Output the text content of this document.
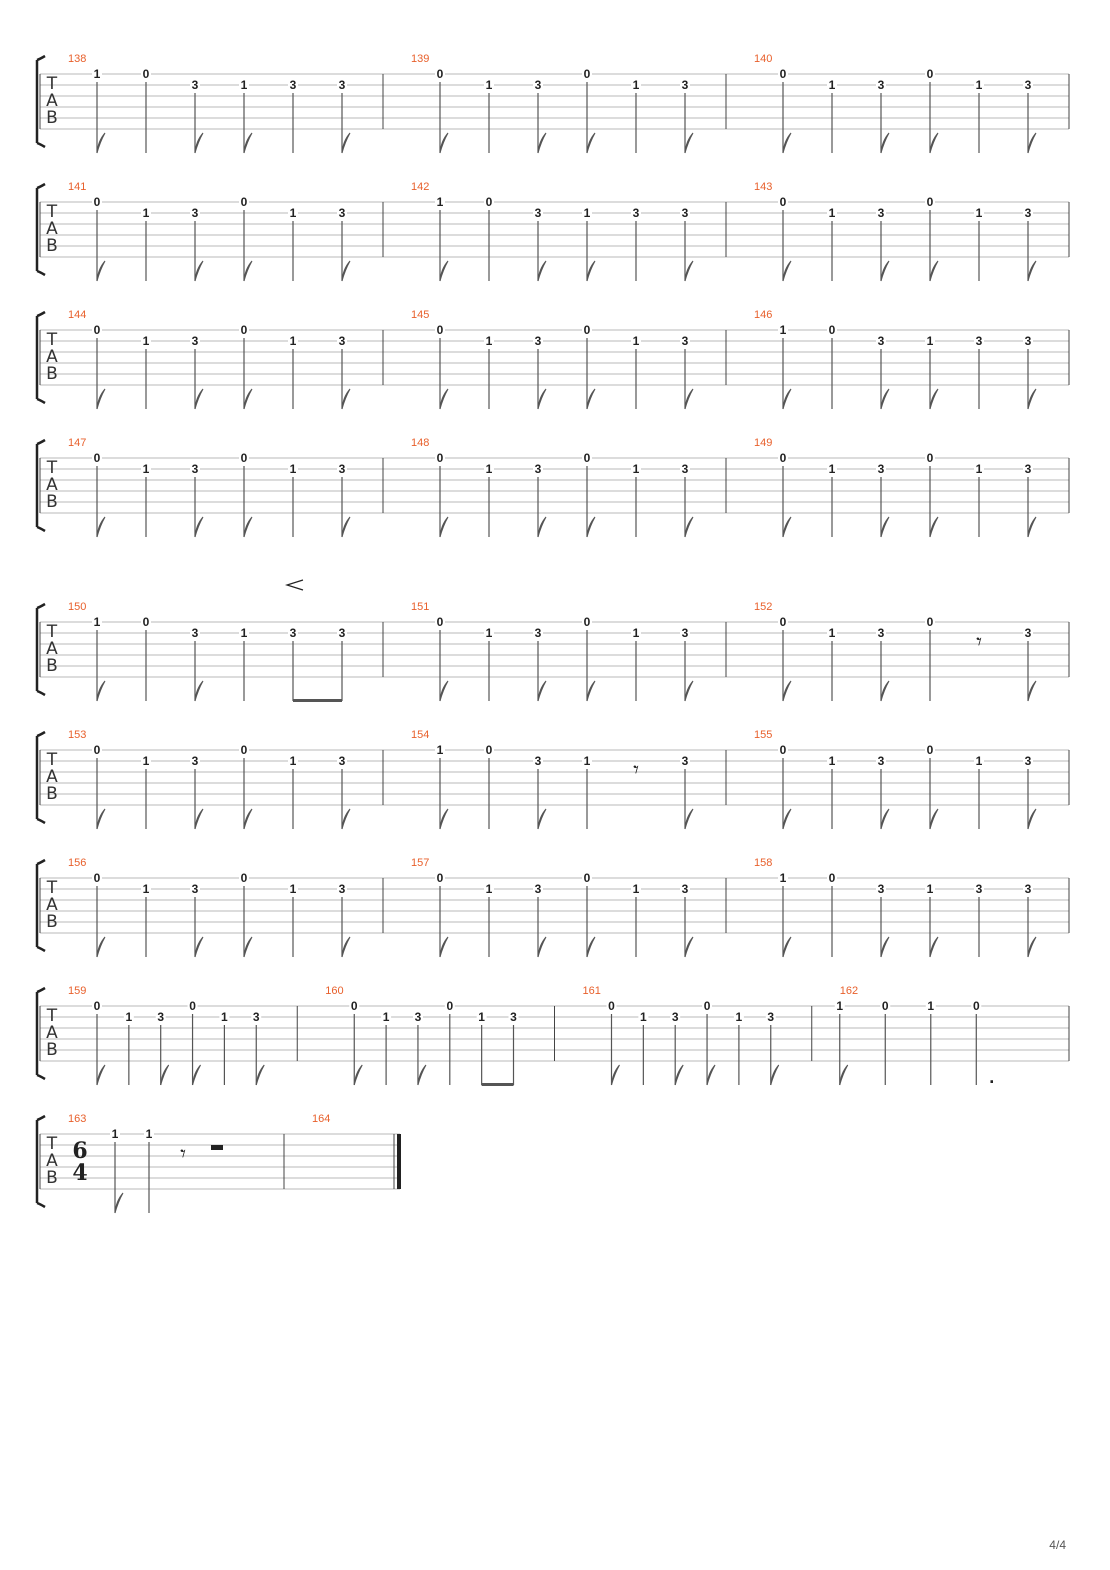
T
A
B
138
1	0
3	1	3	3
139
0
1	3
0
1	3
140
0
1	3
0
1	3
T
A
B
141
0
1	3
0
1	3
142
1	0
3	1	3	3
143
0
1	3
0
1	3
T
A
B
144
0
1	3
0
1	3
145
0
1	3
0
1	3
146
1	0
3	1	3	3
T
A
B
147
0
1	3
0
1	3
148
0
1	3
0
1	3
149
0
1	3
0
1	3
T
A
B
150
1	0
3	1	3	3
151
0
1	3
0
1	3
152
0
1	3
0
𝄾	3
T
A
B
153
0
1	3
0
1	3
154
1	0
3	1 𝄾	3
155
0
1	3
0
1	3
T
A
B
156
0
1	3
0
1	3
157
0
1	3
0
1	3
158
1	0
3	1	3	3
T
A
B
159
0
1 3
0
1 3
160
0
1 3
0
1 3
161
0
1 3
0
1 3
162
1	0	1	0
.
T
A
B
163
6
4
1 1
𝄾
164
4/4
